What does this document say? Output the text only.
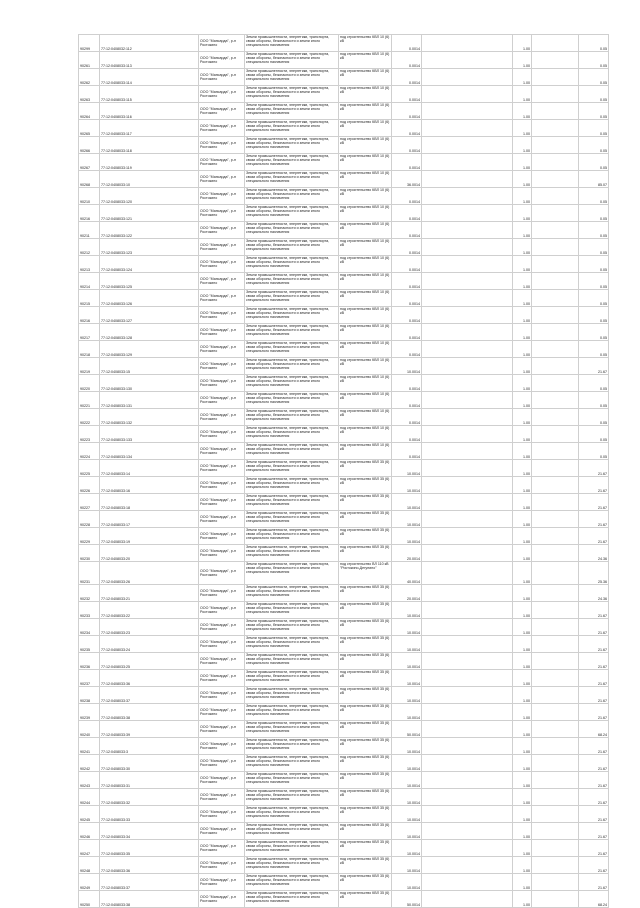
90299	77:12:0408032:112	ООО "Мансарда", р-н Ростокино	Земли промышленности, энергетики, транспорта, связи обороны, безопасности и земли иного специального назначения	под строительство КВЛ 10 (6) кВ	0.0014		1.00		0.05
90261	77:12:0408033:113	ООО "Мансарда", р-н Ростокино	Земли промышленности, энергетики, транспорта, связи обороны, безопасности и земли иного специального назначения	под строительство КВЛ 10 (6) кВ	0.0014		1.00		0.05
90262	77:12:0408033:114	ООО "Мансарда", р-н Ростокино	Земли промышленности, энергетики, транспорта, связи обороны, безопасности и земли иного специального назначения	под строительство КВЛ 10 (6) кВ	0.0014		1.00		0.05
90263	77:12:0408033:115	ООО "Мансарда", р-н Ростокино	Земли промышленности, энергетики, транспорта, связи обороны, безопасности и земли иного специального назначения	под строительство КВЛ 10 (6) кВ	0.0014		1.00		0.05
90264	77:12:0408033:116	ООО "Мансарда", р-н Ростокино	Земли промышленности, энергетики, транспорта, связи обороны, безопасности и земли иного специального назначения	под строительство КВЛ 10 (6) кВ	0.0014		1.00		0.05
90265	77:12:0408033:117	ООО "Мансарда", р-н Ростокино	Земли промышленности, энергетики, транспорта, связи обороны, безопасности и земли иного специального назначения	под строительство КВЛ 10 (6) кВ	0.0014		1.00		0.05
90266	77:12:0408033:118	ООО "Мансарда", р-н Ростокино	Земли промышленности, энергетики, транспорта, связи обороны, безопасности и земли иного специального назначения	под строительство КВЛ 10 (6) кВ	0.0014		1.00		0.05
90267	77:12:0408033:119	ООО "Мансарда", р-н Ростокино	Земли промышленности, энергетики, транспорта, связи обороны, безопасности и земли иного специального назначения	под строительство КВЛ 10 (6) кВ	0.0014		1.00		0.05
90268	77:12:0408033:10	ООО "Мансарда", р-н Ростокино	Земли промышленности, энергетики, транспорта, связи обороны, безопасности и земли иного специального назначения	под строительство КВЛ 10 (6) кВ	36.0014		1.00		85.07
90210	77:12:0408033:120	ООО "Мансарда", р-н Ростокино	Земли промышленности, энергетики, транспорта, связи обороны, безопасности и земли иного специального назначения	под строительство КВЛ 10 (6) кВ	0.0014		1.00		0.05
90216	77:12:0408033:121	ООО "Мансарда", р-н Ростокино	Земли промышленности, энергетики, транспорта, связи обороны, безопасности и земли иного специального назначения	под строительство КВЛ 10 (6) кВ	0.0014		1.00		0.05
90211	77:12:0408033:122	ООО "Мансарда", р-н Ростокино	Земли промышленности, энергетики, транспорта, связи обороны, безопасности и земли иного специального назначения	под строительство КВЛ 10 (6) кВ	0.0014		1.00		0.05
90212	77:12:0408033:123	ООО "Мансарда", р-н Ростокино	Земли промышленности, энергетики, транспорта, связи обороны, безопасности и земли иного специального назначения	под строительство КВЛ 10 (6) кВ	0.0014		1.00		0.05
90213	77:12:0408033:124	ООО "Мансарда", р-н Ростокино	Земли промышленности, энергетики, транспорта, связи обороны, безопасности и земли иного специального назначения	под строительство КВЛ 10 (6) кВ	0.0014		1.00		0.05
90214	77:12:0408033:125	ООО "Мансарда", р-н Ростокино	Земли промышленности, энергетики, транспорта, связи обороны, безопасности и земли иного специального назначения	под строительство КВЛ 10 (6) кВ	0.0014		1.00		0.05
90215	77:12:0408033:126	ООО "Мансарда", р-н Ростокино	Земли промышленности, энергетики, транспорта, связи обороны, безопасности и земли иного специального назначения	под строительство КВЛ 10 (6) кВ	0.0014		1.00		0.05
90216	77:12:0408033:127	ООО "Мансарда", р-н Ростокино	Земли промышленности, энергетики, транспорта, связи обороны, безопасности и земли иного специального назначения	под строительство КВЛ 10 (6) кВ	0.0014		1.00		0.05
90217	77:12:0408033:128	ООО "Мансарда", р-н Ростокино	Земли промышленности, энергетики, транспорта, связи обороны, безопасности и земли иного специального назначения	под строительство КВЛ 10 (6) кВ	0.0014		1.00		0.05
90218	77:12:0408033:129	ООО "Мансарда", р-н Ростокино	Земли промышленности, энергетики, транспорта, связи обороны, безопасности и земли иного специального назначения	под строительство КВЛ 10 (6) кВ	0.0014		1.00		0.05
90219	77:12:0408033:15	ООО "Мансарда", р-н Ростокино	Земли промышленности, энергетики, транспорта, связи обороны, безопасности и земли иного специального назначения	под строительство КВЛ 10 (6) кВ	10.0014		1.00		21.67
90220	77:12:0408033:130	ООО "Мансарда", р-н Ростокино	Земли промышленности, энергетики, транспорта, связи обороны, безопасности и земли иного специального назначения	под строительство КВЛ 10 (6) кВ	0.0014		1.00		0.05
90221	77:12:0408033:131	ООО "Мансарда", р-н Ростокино	Земли промышленности, энергетики, транспорта, связи обороны, безопасности и земли иного специального назначения	под строительство КВЛ 10 (6) кВ	0.0014		1.00		0.05
90222	77:12:0408033:132	ООО "Мансарда", р-н Ростокино	Земли промышленности, энергетики, транспорта, связи обороны, безопасности и земли иного специального назначения	под строительство КВЛ 10 (6) кВ	0.0014		1.00		0.05
90223	77:12:0408033:133	ООО "Мансарда", р-н Ростокино	Земли промышленности, энергетики, транспорта, связи обороны, безопасности и земли иного специального назначения	под строительство КВЛ 10 (6) кВ	0.0014		1.00		0.05
90224	77:12:0408033:134	ООО "Мансарда", р-н Ростокино	Земли промышленности, энергетики, транспорта, связи обороны, безопасности и земли иного специального назначения	под строительство КВЛ 10 (6) кВ	0.0014		1.00		0.05
90225	77:12:0408033:14	ООО "Мансарда", р-н Ростокино	Земли промышленности, энергетики, транспорта, связи обороны, безопасности и земли иного специального назначения	под строительство КВЛ 35 (6) кВ	10.0014		1.00		21.67
90226	77:12:0408033:16	ООО "Мансарда", р-н Ростокино	Земли промышленности, энергетики, транспорта, связи обороны, безопасности и земли иного специального назначения	под строительство КВЛ 35 (6) кВ	10.0014		1.00		21.67
90227	77:12:0408033:18	ООО "Мансарда", р-н Ростокино	Земли промышленности, энергетики, транспорта, связи обороны, безопасности и земли иного специального назначения	под строительство КВЛ 35 (6) кВ	10.0014		1.00		21.67
90228	77:12:0408033:17	ООО "Мансарда", р-н Ростокино	Земли промышленности, энергетики, транспорта, связи обороны, безопасности и земли иного специального назначения	под строительство КВЛ 35 (6) кВ	10.0014		1.00		21.67
90229	77:12:0408033:19	ООО "Мансарда", р-н Ростокино	Земли промышленности, энергетики, транспорта, связи обороны, безопасности и земли иного специального назначения	под строительство КВЛ 35 (6) кВ	10.0014		1.00		21.67
90230	77:12:0408033:20	ООО "Мансарда", р-н Ростокино	Земли промышленности, энергетики, транспорта, связи обороны, безопасности и земли иного специального назначения	под строительство КВЛ 35 (6) кВ	20.0014		1.00		24.36
90231	77:12:0408033:26	ООО "Мансарда", р-н Ростокино	Земли промышленности, энергетики, транспорта, связи обороны, безопасности и земли иного специального назначения	под строительство ВЛ 110 кВ "Ростокино-Дегунино"	40.0014		1.00		25.36
90232	77:12:0408033:21	ООО "Мансарда", р-н Ростокино	Земли промышленности, энергетики, транспорта, связи обороны, безопасности и земли иного специального назначения	под строительство КВЛ 35 (6) кВ	20.0014		1.00		24.36
90233	77:12:0408033:22	ООО "Мансарда", р-н Ростокино	Земли промышленности, энергетики, транспорта, связи обороны, безопасности и земли иного специального назначения	под строительство КВЛ 35 (6) кВ	10.0014		1.00		21.67
90234	77:12:0408033:23	ООО "Мансарда", р-н Ростокино	Земли промышленности, энергетики, транспорта, связи обороны, безопасности и земли иного специального назначения	под строительство КВЛ 35 (6) кВ	10.0014		1.00		21.67
90235	77:12:0408033:24	ООО "Мансарда", р-н Ростокино	Земли промышленности, энергетики, транспорта, связи обороны, безопасности и земли иного специального назначения	под строительство КВЛ 35 (6) кВ	10.0014		1.00		21.67
90236	77:12:0408033:25	ООО "Мансарда", р-н Ростокино	Земли промышленности, энергетики, транспорта, связи обороны, безопасности и земли иного специального назначения	под строительство КВЛ 35 (6) кВ	10.0014		1.00		21.67
90237	77:12:0408033:36	ООО "Мансарда", р-н Ростокино	Земли промышленности, энергетики, транспорта, связи обороны, безопасности и земли иного специального назначения	под строительство КВЛ 35 (6) кВ	10.0014		1.00		21.67
90238	77:12:0408033:37	ООО "Мансарда", р-н Ростокино	Земли промышленности, энергетики, транспорта, связи обороны, безопасности и земли иного специального назначения	под строительство КВЛ 35 (6) кВ	10.0014		1.00		21.67
90239	77:12:0408033:38	ООО "Мансарда", р-н Ростокино	Земли промышленности, энергетики, транспорта, связи обороны, безопасности и земли иного специального назначения	под строительство КВЛ 35 (6) кВ	10.0014		1.00		21.67
90240	77:12:0408033:39	ООО "Мансарда", р-н Ростокино	Земли промышленности, энергетики, транспорта, связи обороны, безопасности и земли иного специального назначения	под строительство КВЛ 35 (6) кВ	50.0014		1.00		68.24
90241	77:12:0408033:3	ООО "Мансарда", р-н Ростокино	Земли промышленности, энергетики, транспорта, связи обороны, безопасности и земли иного специального назначения	под строительство КВЛ 35 (6) кВ	10.0014		1.00		21.67
90242	77:12:0408033:30	ООО "Мансарда", р-н Ростокино	Земли промышленности, энергетики, транспорта, связи обороны, безопасности и земли иного специального назначения	под строительство КВЛ 35 (6) кВ	10.0014		1.00		21.67
90243	77:12:0408033:31	ООО "Мансарда", р-н Ростокино	Земли промышленности, энергетики, транспорта, связи обороны, безопасности и земли иного специального назначения	под строительство КВЛ 35 (6) кВ	10.0014		1.00		21.67
90244	77:12:0408033:32	ООО "Мансарда", р-н Ростокино	Земли промышленности, энергетики, транспорта, связи обороны, безопасности и земли иного специального назначения	под строительство КВЛ 35 (6) кВ	10.0014		1.00		21.67
90245	77:12:0408033:33	ООО "Мансарда", р-н Ростокино	Земли промышленности, энергетики, транспорта, связи обороны, безопасности и земли иного специального назначения	под строительство КВЛ 35 (6) кВ	10.0014		1.00		21.67
90246	77:12:0408033:34	ООО "Мансарда", р-н Ростокино	Земли промышленности, энергетики, транспорта, связи обороны, безопасности и земли иного специального назначения	под строительство КВЛ 35 (6) кВ	10.0014		1.00		21.67
90247	77:12:0408033:35	ООО "Мансарда", р-н Ростокино	Земли промышленности, энергетики, транспорта, связи обороны, безопасности и земли иного специального назначения	под строительство КВЛ 35 (6) кВ	10.0014		1.00		21.67
90248	77:12:0408033:36	ООО "Мансарда", р-н Ростокино	Земли промышленности, энергетики, транспорта, связи обороны, безопасности и земли иного специального назначения	под строительство КВЛ 35 (6) кВ	10.0014		1.00		21.67
90249	77:12:0408033:37	ООО "Мансарда", р-н Ростокино	Земли промышленности, энергетики, транспорта, связи обороны, безопасности и земли иного специального назначения	под строительство КВЛ 35 (6) кВ	10.0014		1.00		21.67
90250	77:12:0408033:38	ООО "Мансарда", р-н Ростокино	Земли промышленности, энергетики, транспорта, связи обороны, безопасности и земли иного специального назначения	под строительство КВЛ 35 (6) кВ	50.0014		1.00		68.24
